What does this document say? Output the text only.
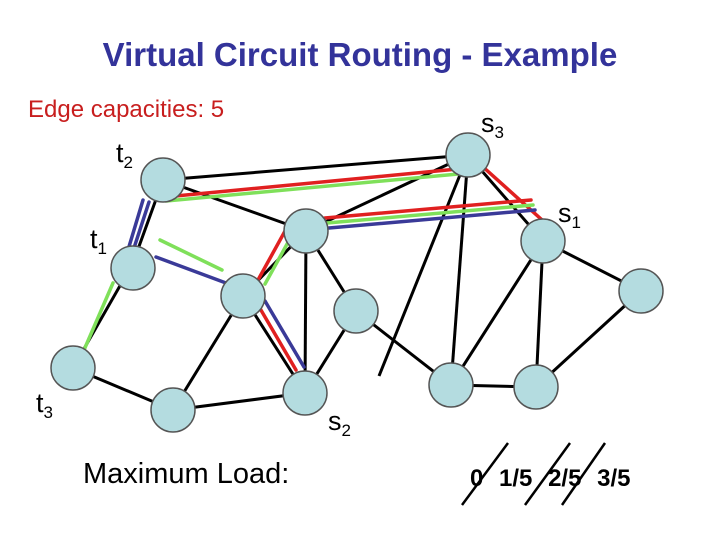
Virtual Circuit Routing - Example
Edge capacities: 5
$t_2$
$s_3$
$s_1$
$t_1$
$t_3$	$s_2$
Maximum Load:	0 1/5 2/5 3/5
